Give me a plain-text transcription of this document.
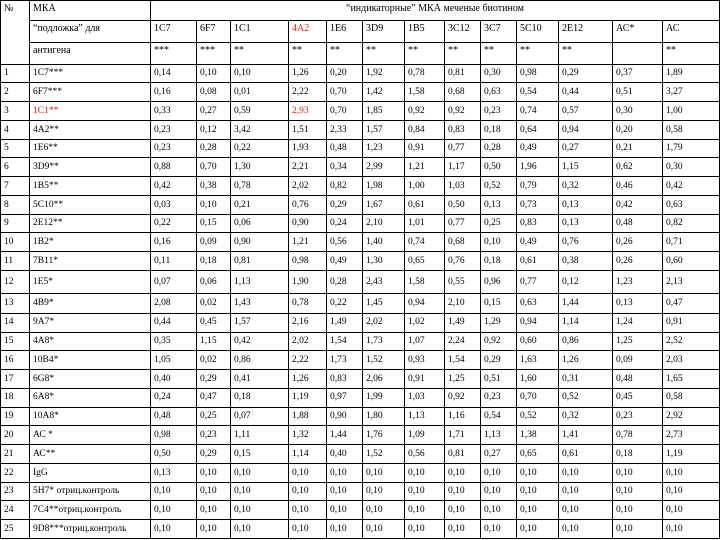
№	МКА	“индикаторные” МКА меченые биотином												
	“подложка” для	1С7	6F7	1С1	4А2	1Е6	3D9	1В5	3С12	3С7	5С10	2Е12	АС*	АС
	антигена	***	***	**	**	**	**	**	**	**	**	**		**
1	1С7***	0,14	0,10	0,10	1,26	0,20	1,92	0,78	0,81	0,30	0,98	0,29	0,37	1,89
2	6F7***	0,16	0,08	0,01	2,22	0,70	1,42	1,58	0,68	0,63	0,54	0,44	0,51	3,27
3	1С1**	0,33	0,27	0,59	2,93	0,70	1,85	0,92	0,92	0,23	0,74	0,57	0,30	1,00
4	4А2**	0,23	0,12	3,42	1,51	2,33	1,57	0,84	0,83	0,18	0,64	0,94	0,20	0,58
5	1Е6**	0,23	0,28	0,22	1,93	0,48	1,23	0,91	0,77	0,28	0,49	0,27	0,21	1,79
6	3D9**	0,88	0,70	1,30	2,21	0,34	2,99	1,21	1,17	0,50	1,96	1,15	0,62	0,30
7	1В5**	0,42	0,38	0,78	2,02	0,82	1,98	1,00	1,03	0,52	0,79	0,32	0,46	0,42
8	5С10**	0,03	0,10	0,21	0,76	0,29	1,67	0,61	0,50	0,13	0,73	0,13	0,42	0,63
9	2Е12**	0,22	0,15	0,06	0,90	0,24	2,10	1,01	0,77	0,25	0,83	0,13	0,48	0,82
10	1В2*	0,16	0,09	0,90	1,21	0,56	1,40	0,74	0,68	0,10	0,49	0,76	0,26	0,71
11	7В11*	0,11	0,18	0,81	0,98	0,49	1,30	0,65	0,76	0,18	0,61	0,38	0,26	0,60
12	1Е5*	0,07	0,06	1,13	1,90	0,28	2,43	1,58	0,55	0,96	0,77	0,12	1,23	2,13
13	4В9*	2,08	0,02	1,43	0,78	0,22	1,45	0,94	2,10	0,15	0,63	1,44	0,13	0,47
14	9А7*	0,44	0,45	1,57	2,16	1,49	2,02	1,02	1,49	1,29	0,94	1,14	1,24	0,91
15	4А8*	0,35	1,15	0,42	2,02	1,54	1,73	1,07	2,24	0,92	0,60	0,86	1,25	2,52
16	10В4*	1,05	0,02	0,86	2,22	1,73	1,52	0,93	1,54	0,29	1,63	1,26	0,09	2,03
17	6G8*	0,40	0,29	0,41	1,26	0,83	2,06	0,91	1,25	0,51	1,60	0,31	0,48	1,65
18	6А8*	0,24	0,47	0,18	1,19	0,97	1,99	1,03	0,92	0,23	0,70	0,52	0,45	0,58
19	10А8*	0,48	0,25	0,07	1,88	0,90	1,80	1,13	1,16	0,54	0,52	0,32	0,23	2,92
20	АС *	0,98	0,23	1,11	1,32	1,44	1,76	1,09	1,71	1,13	1,38	1,41	0,78	2,73
21	АС**	0,50	0,29	0,15	1,14	0,40	1,52	0,56	0,81	0,27	0,65	0,61	0,18	1,19
22	IgG	0,13	0,10	0,10	0,10	0,10	0,10	0,10	0,10	0,10	0,10	0,10	0,10	0,10
23	5Н7* отриц.контроль	0,10	0,10	0,10	0,10	0,10	0,10	0,10	0,10	0,10	0,10	0,10	0,10	0,10
24	7С4**отриц.контроль	0,10	0,10	0,10	0,10	0,10	0,10	0,10	0,10	0,10	0,10	0,10	0,10	0,10
25	9D8***отриц.контроль	0,10	0,10	0,10	0,10	0,10	0,10	0,10	0,10	0,10	0,10	0,10	0,10	0,10
